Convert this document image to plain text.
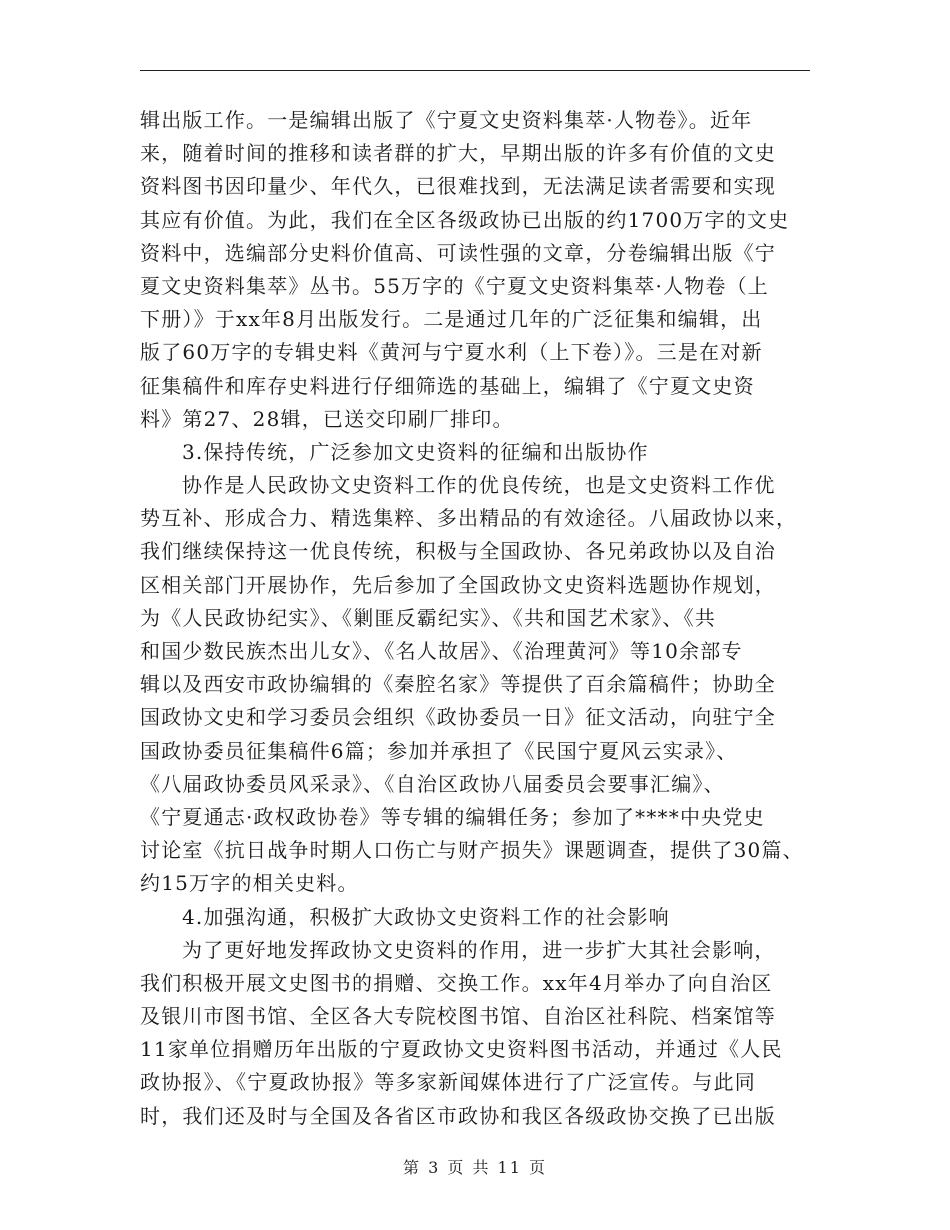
辑出版工作。一是编辑出版了《宁夏文史资料集萃·人物卷》。近年
来，随着时间的推移和读者群的扩大，早期出版的许多有价值的文史
资料图书因印量少、年代久，已很难找到，无法满足读者需要和实现
其应有价值。为此，我们在全区各级政协已出版的约1700万字的文史
资料中，选编部分史料价值高、可读性强的文章，分卷编辑出版《宁
夏文史资料集萃》丛书。55万字的《宁夏文史资料集萃·人物卷（上
下册）》于xx年8月出版发行。二是通过几年的广泛征集和编辑，出
版了60万字的专辑史料《黄河与宁夏水利（上下卷）》。三是在对新
征集稿件和库存史料进行仔细筛选的基础上，编辑了《宁夏文史资
料》第27、28辑，已送交印刷厂排印。
3.保持传统，广泛参加文史资料的征编和出版协作
协作是人民政协文史资料工作的优良传统，也是文史资料工作优
势互补、形成合力、精选集粹、多出精品的有效途径。八届政协以来，
我们继续保持这一优良传统，积极与全国政协、各兄弟政协以及自治
区相关部门开展协作，先后参加了全国政协文史资料选题协作规划，
为《人民政协纪实》、《剿匪反霸纪实》、《共和国艺术家》、《共
和国少数民族杰出儿女》、《名人故居》、《治理黄河》等10余部专
辑以及西安市政协编辑的《秦腔名家》等提供了百余篇稿件；协助全
国政协文史和学习委员会组织《政协委员一日》征文活动，向驻宁全
国政协委员征集稿件6篇；参加并承担了《民国宁夏风云实录》、
《八届政协委员风采录》、《自治区政协八届委员会要事汇编》、
《宁夏通志·政权政协卷》等专辑的编辑任务；参加了****中央党史
讨论室《抗日战争时期人口伤亡与财产损失》课题调查，提供了30篇、
约15万字的相关史料。
4.加强沟通，积极扩大政协文史资料工作的社会影响
为了更好地发挥政协文史资料的作用，进一步扩大其社会影响，
我们积极开展文史图书的捐赠、交换工作。xx年4月举办了向自治区
及银川市图书馆、全区各大专院校图书馆、自治区社科院、档案馆等
11家单位捐赠历年出版的宁夏政协文史资料图书活动，并通过《人民
政协报》、《宁夏政协报》等多家新闻媒体进行了广泛宣传。与此同
时，我们还及时与全国及各省区市政协和我区各级政协交换了已出版
第 3 页 共 11 页
